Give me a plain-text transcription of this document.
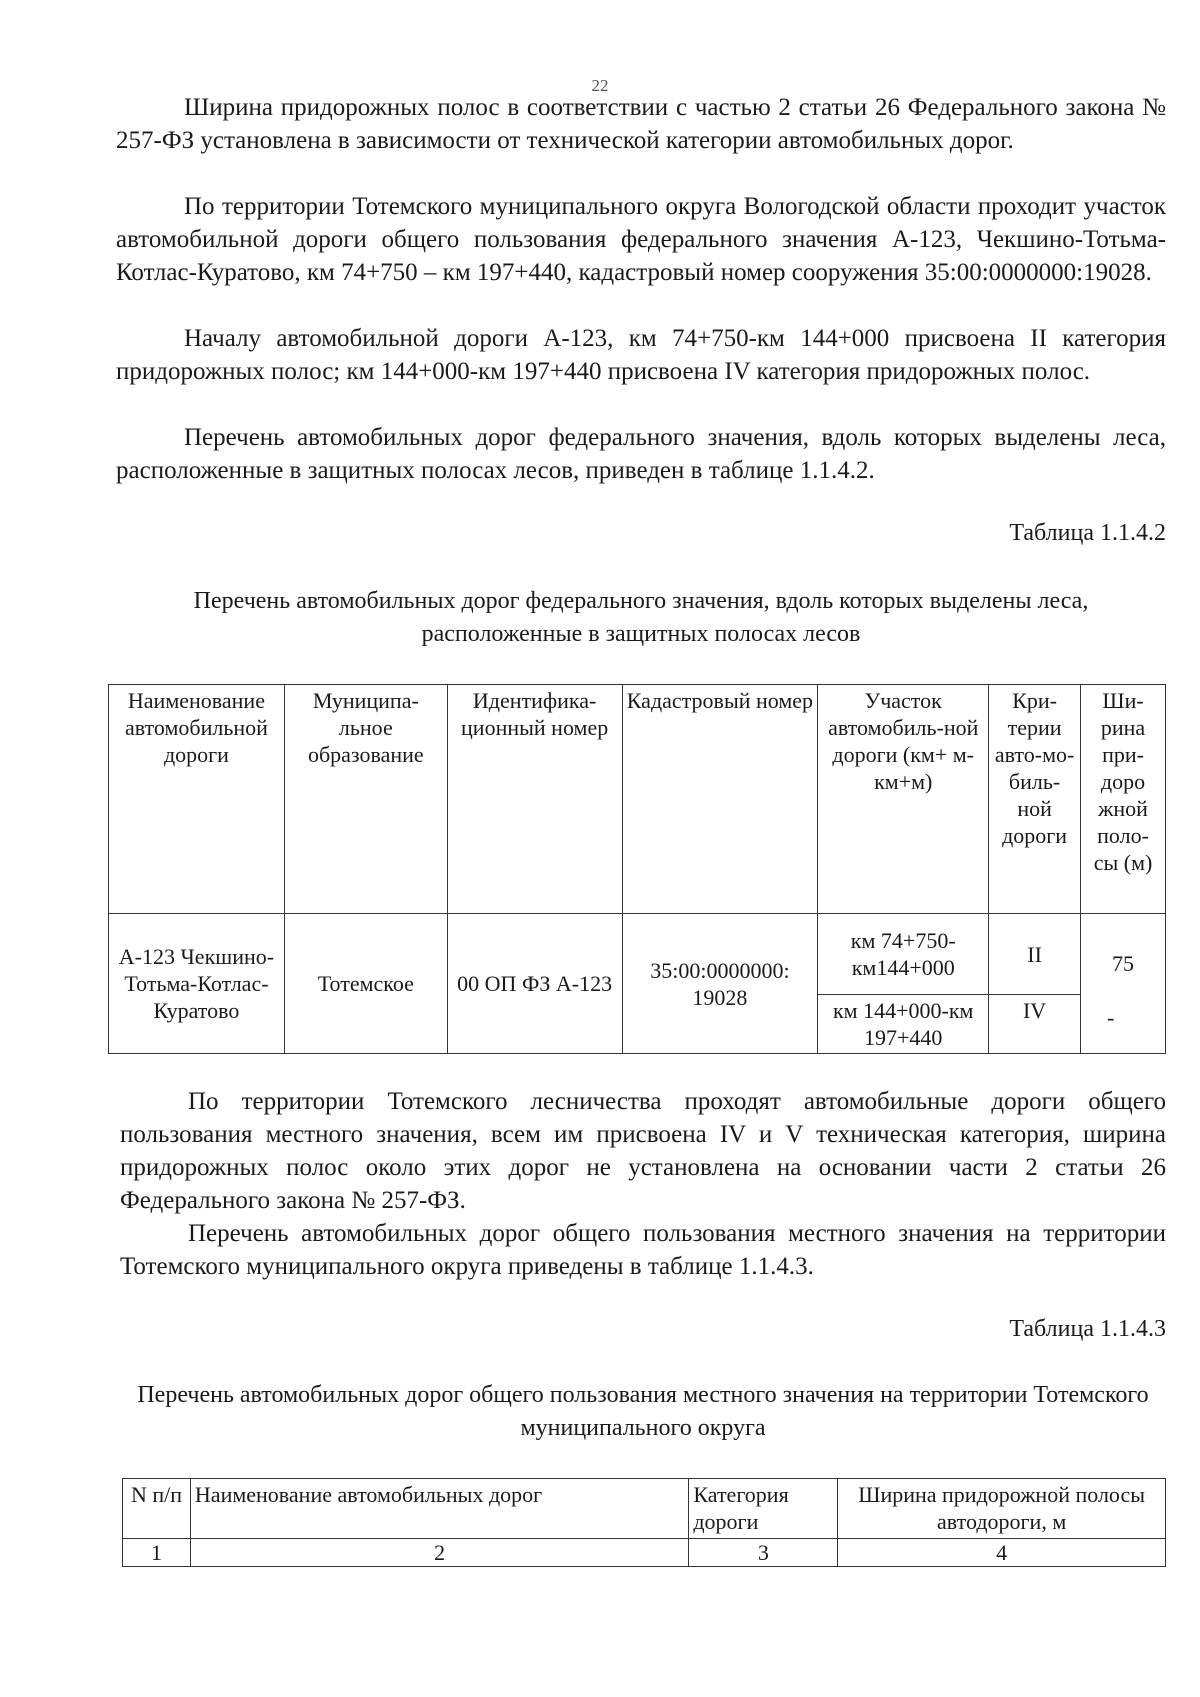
22

Ширина придорожных полос в соответствии с частью 2 статьи 26 Федерального закона № 257-ФЗ установлена в зависимости от технической категории автомобильных дорог.

По территории Тотемского муниципального округа Вологодской области проходит участок автомобильной дороги общего пользования федерального значения А-123, Чекшино-Тотьма-Котлас-Куратово, км 74+750 – км 197+440, кадастровый номер сооружения 35:00:0000000:19028.

Началу автомобильной дороги А-123, км 74+750-км 144+000 присвоена II категория придорожных полос; км 144+000-км 197+440 присвоена IV категория придорожных полос.

Перечень автомобильных дорог федерального значения, вдоль которых выделены леса, расположенные в защитных полосах лесов, приведен в таблице 1.1.4.2.

Таблица 1.1.4.2

Перечень автомобильных дорог федерального значения, вдоль которых выделены леса, расположенные в защитных полосах лесов

Наименование автомобильной дороги	Муниципа-льное образование	Идентифика-ционный номер	Кадастровый номер	Участок автомобиль-ной дороги (км+ м-км+м)	Кри-терии авто-мо-биль-ной дороги	Ши-рина при-доро жной поло-сы (м)
А-123 Чекшино-Тотьма-Котлас-Куратово	Тотемское	00 ОП ФЗ А-123	35:00:0000000: 19028	км 74+750-км144+000	II	75
				км 144+000-км 197+440	IV		-

По территории Тотемского лесничества проходят автомобильные дороги общего пользования местного значения, всем им присвоена IV и V техническая категория, ширина придорожных полос около этих дорог не установлена на основании части 2 статьи 26 Федерального закона № 257-ФЗ.

Перечень автомобильных дорог общего пользования местного значения на территории Тотемского муниципального округа приведены в таблице 1.1.4.3.

Таблица 1.1.4.3

Перечень автомобильных дорог общего пользования местного значения на территории Тотемского муниципального округа

N п/п	Наименование автомобильных дорог	Категория дороги	Ширина придорожной полосы автодороги, м
1	2	3	4
